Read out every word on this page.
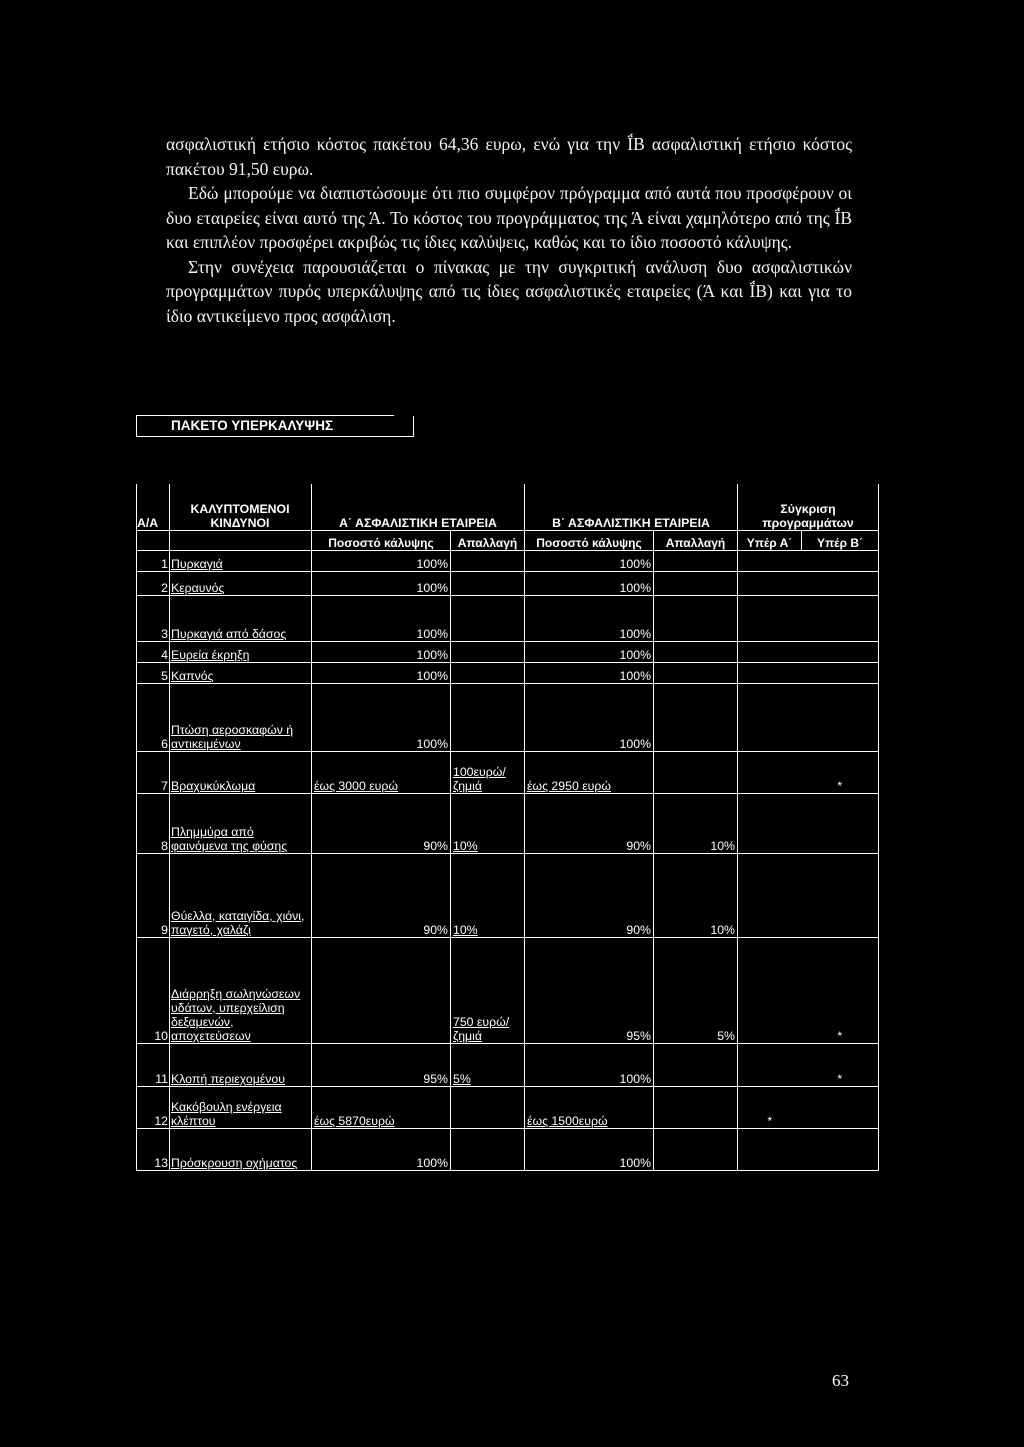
ασφαλιστική ετήσιο κόστος πακέτου 64,36 ευρω, ενώ για την Ϊ́Β ασφαλιστική ετήσιο κόστος πακέτου 91,50 ευρω.

Εδώ μπορούμε να διαπιστώσουμε ότι πιο συμφέρον πρόγραμμα από αυτά που προσφέρουν οι δυο εταιρείες είναι αυτό της Ά. Το κόστος του προγράμματος της Ά είναι χαμηλότερο από της Ϊ́Β και επιπλέον προσφέρει ακριβώς τις ίδιες καλύψεις, καθώς και το ίδιο ποσοστό κάλυψης.

Στην συνέχεια παρουσιάζεται ο πίνακας με την συγκριτική ανάλυση δυο ασφαλιστικών προγραμμάτων πυρός υπερκάλυψης από τις ίδιες ασφαλιστικές εταιρείες (Ά και Ϊ́Β) και για το ίδιο αντικείμενο προς ασφάλιση.

ΠΑΚΕΤΟ ΥΠΕΡΚΑΛΥΨΗΣ
Α/Α	ΚΑΛΥΠΤΟΜΕΝΟΙ ΚΙΝΔΥΝΟΙ	Α΄ ΑΣΦΑΛΙΣΤΙΚΗ ΕΤΑΙΡΕΙΑ		Β΄ ΑΣΦΑΛΙΣΤΙΚΗ ΕΤΑΙΡΕΙΑ		Σύγκριση προγραμμάτων	
		Ποσοστό κάλυψης	Απαλλαγή	Ποσοστό κάλυψης	Απαλλαγή	Υπέρ Α΄	Υπέρ Β΄
1	Πυρκαγιά	100%		100%			
2	Κεραυνός	100%		100%			
3	Πυρκαγιά από δάσος	100%		100%			
4	Ευρεία έκρηξη	100%		100%			
5	Καπνός	100%		100%			
6	Πτώση αεροσκαφών ή αντικειμένων	100%		100%			
7	Βραχυκύκλωμα	έως 3000 ευρώ	100ευρώ/ ζημιά	έως 2950 ευρώ			*
8	Πλημμύρα από φαινόμενα της φύσης	90%	10%	90%	10%		
9	Θύελλα, καταιγίδα, χιόνι, παγετό, χαλάζι	90%	10%	90%	10%		
10	Διάρρηξη σωληνώσεων υδάτων, υπερχείλιση δεξαμενών, αποχετεύσεων		750 ευρώ/ ζημιά	95%	5%		*
11	Κλοπή περιεχομένου	95%	5%	100%			*
12	Κακόβουλη ενέργεια κλέπτου	έως 5870ευρώ		έως 1500ευρώ		*	
13	Πρόσκρουση οχήματος	100%		100%			
63
